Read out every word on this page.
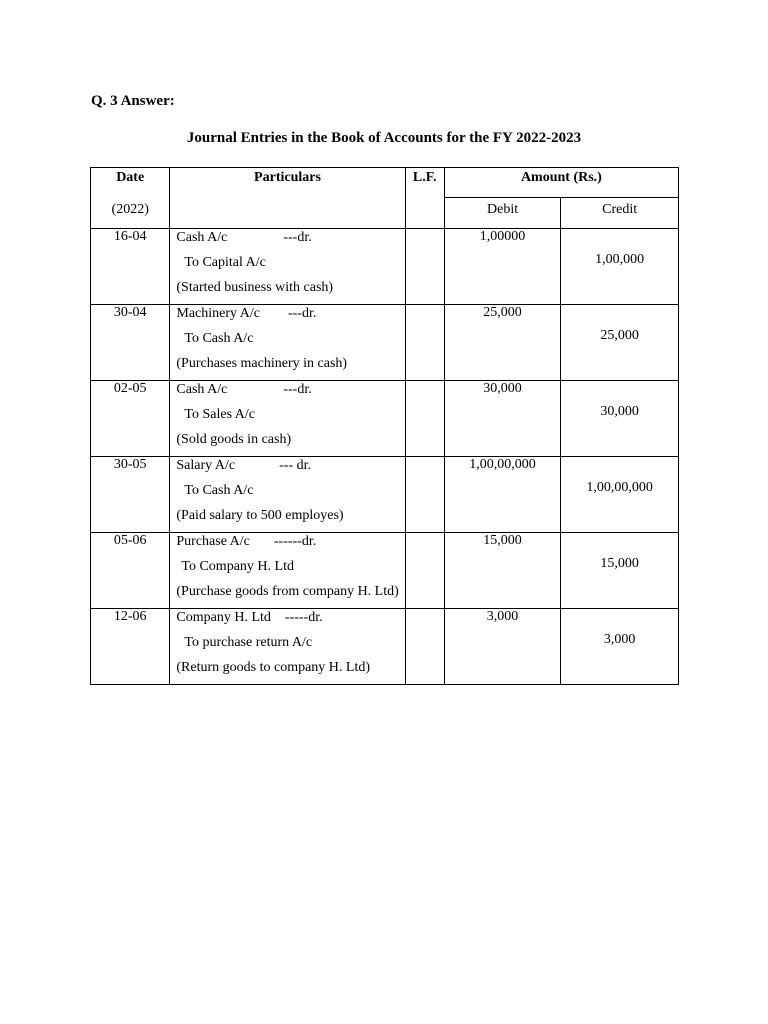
Q. 3 Answer:
Journal Entries in the Book of Accounts for the FY 2022-2023
Date	Particulars	L.F.	Amount (Rs.)	
(2022)			Debit	Credit
16-04	Cash A/c ---dr.
To Capital A/c
(Started business with cash)		1,00000	1,00,000

30-04	Machinery A/c ---dr.
To Cash A/c
(Purchases machinery in cash)		25,000	25,000

02-05	Cash A/c ---dr.
To Sales A/c
(Sold goods in cash)		30,000	30,000

30-05	Salary A/c --- dr.
To Cash A/c
(Paid salary to 500 employes)		1,00,00,000	1,00,00,000

05-06	Purchase A/c ------dr.
To Company H. Ltd
(Purchase goods from company H. Ltd)		15,000	15,000

12-06	Company H. Ltd -----dr.
To purchase return A/c
(Return goods to company H. Ltd)		3,000	3,000
